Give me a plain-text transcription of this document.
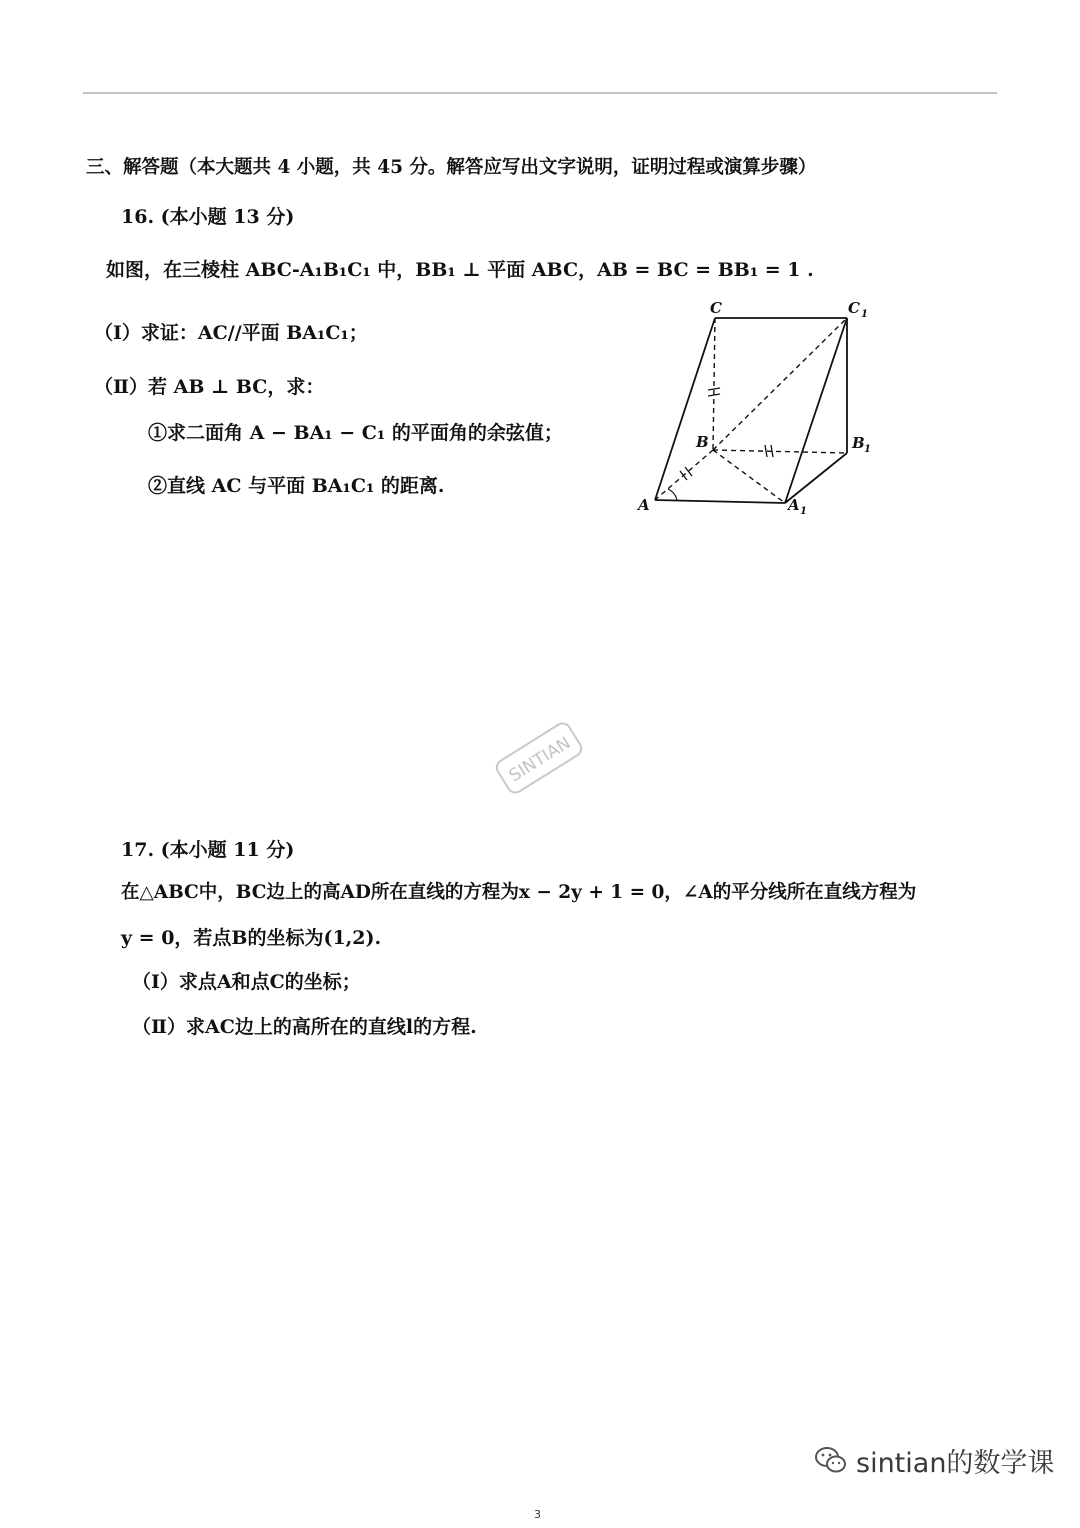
三、解答题（本大题共 4 小题，共 45 分。解答应写出文字说明，证明过程或演算步骤）
16. (本小题 13 分)
如图，在三棱柱 ABC-A₁B₁C₁ 中，BB₁ ⊥ 平面 ABC，AB = BC = BB₁ = 1 .
（Ⅰ）求证：AC//平面 BA₁C₁；
（Ⅱ）若 AB ⊥ BC，求：
①求二面角 A − BA₁ − C₁ 的平面角的余弦值；
②直线 AC 与平面 BA₁C₁ 的距离.
C	C 1
B	B 1
A	A 1
SINTIAN
17. (本小题 11 分)
在△ABC中，BC边上的高AD所在直线的方程为x − 2y + 1 = 0，∠A的平分线所在直线方程为
y = 0，若点B的坐标为(1,2).
（Ⅰ）求点A和点C的坐标；
（Ⅱ）求AC边上的高所在的直线l的方程.
sintian的数学课
3
